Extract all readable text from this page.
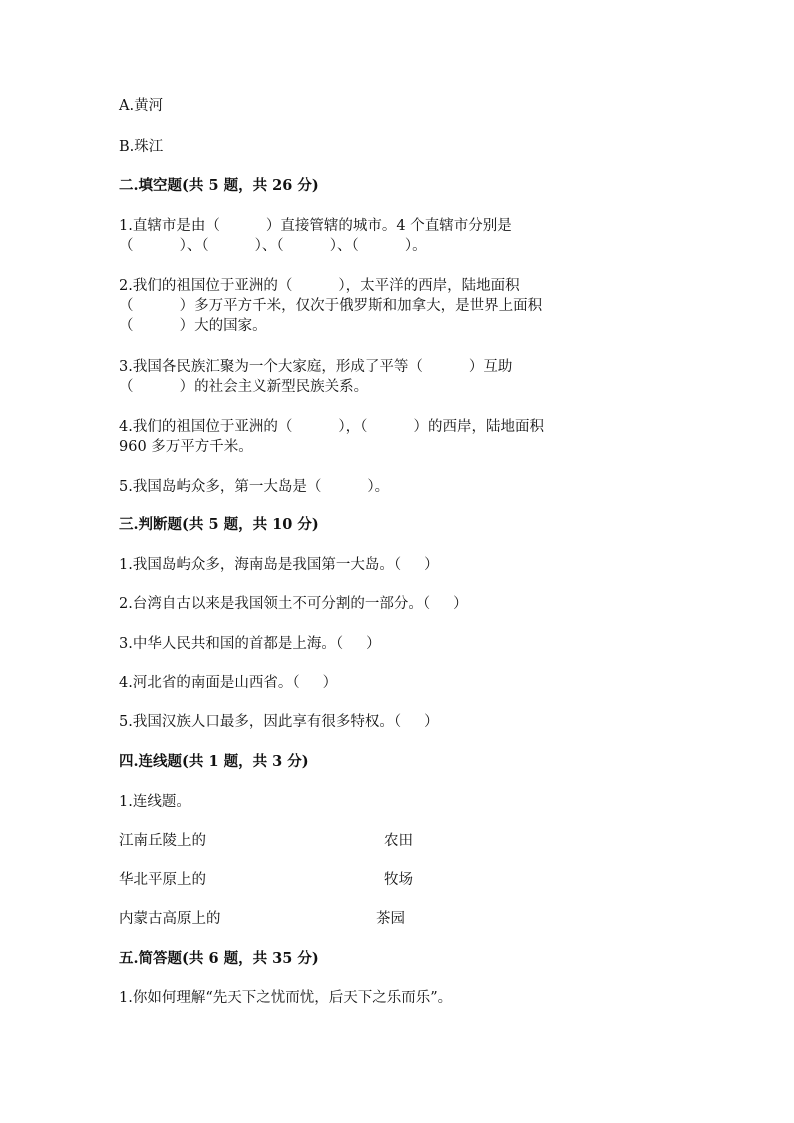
A.黄河
B.珠江
二.填空题(共 5 题，共 26 分)
1.直辖市是由（          ）直接管辖的城市。4 个直辖市分别是
（          ）、（          ）、（          ）、（          ）。
2.我们的祖国位于亚洲的（          ），太平洋的西岸，陆地面积
（          ）多万平方千米，仅次于俄罗斯和加拿大，是世界上面积
（          ）大的国家。
3.我国各民族汇聚为一个大家庭，形成了平等（          ）互助
（          ）的社会主义新型民族关系。
4.我们的祖国位于亚洲的（          ），（          ）的西岸，陆地面积
960 多万平方千米。
5.我国岛屿众多，第一大岛是（          ）。
三.判断题(共 5 题，共 10 分)
1.我国岛屿众多，海南岛是我国第一大岛。（     ）
2.台湾自古以来是我国领土不可分割的一部分。（     ）
3.中华人民共和国的首都是上海。（     ）
4.河北省的南面是山西省。（     ）
5.我国汉族人口最多，因此享有很多特权。（     ）
四.连线题(共 1 题，共 3 分)
1.连线题。
江南丘陵上的	农田
华北平原上的	牧场
内蒙古高原上的	茶园
五.简答题(共 6 题，共 35 分)
1.你如何理解“先天下之忧而忧，后天下之乐而乐”。
